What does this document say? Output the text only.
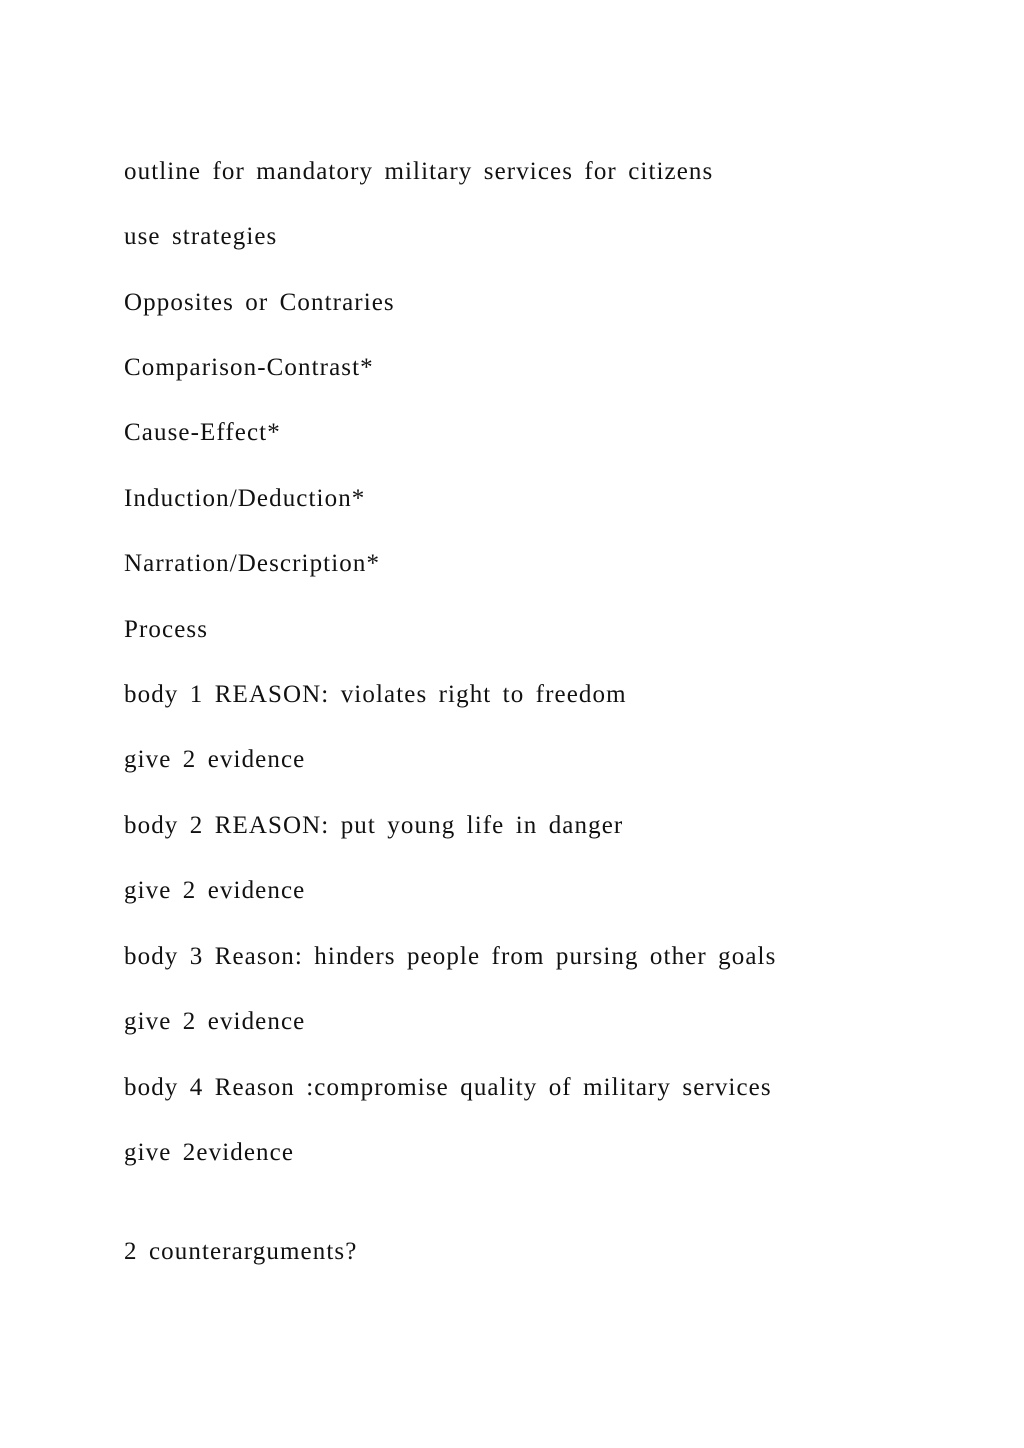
outline for mandatory military services for citizens

use strategies

Opposites or Contraries

Comparison-Contrast*

Cause-Effect*

Induction/Deduction*

Narration/Description*

Process

body 1 REASON: violates right to freedom

give 2 evidence

body 2 REASON: put young life in danger

give 2 evidence

body 3 Reason: hinders people from pursing other goals

give 2 evidence

body 4 Reason :compromise quality of military services

give 2evidence

2 counterarguments?
